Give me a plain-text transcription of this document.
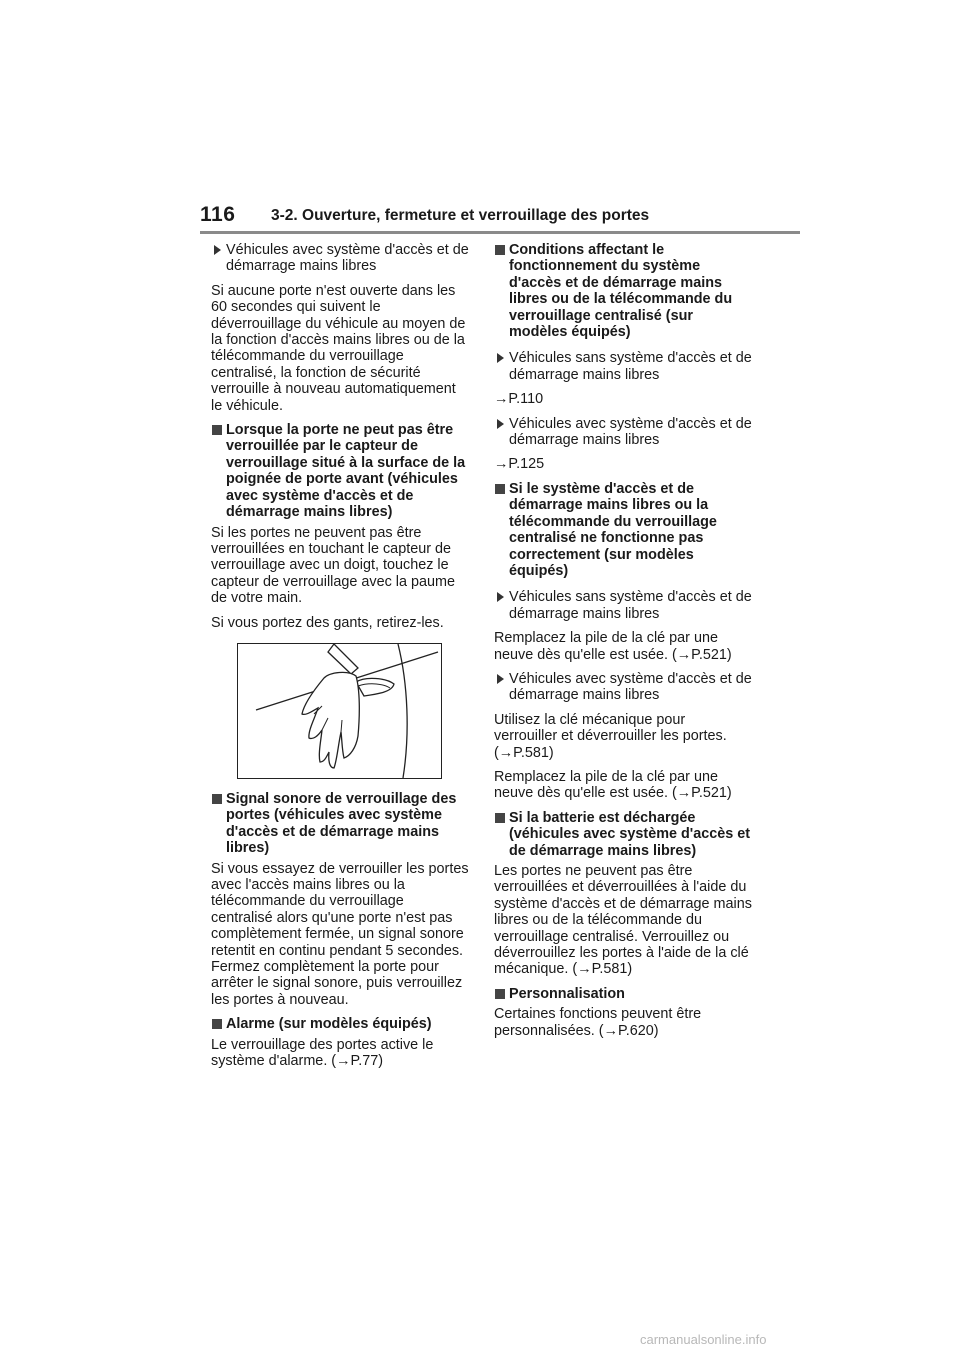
116 3-2. Ouverture, fermeture et verrouillage des portes
Véhicules avec système d'accès et de démarrage mains libres

Si aucune porte n'est ouverte dans les 60 secondes qui suivent le déverrouillage du véhicule au moyen de la fonction d'accès mains libres ou de la télécommande du verrouillage centralisé, la fonction de sécurité verrouille à nouveau automatiquement le véhicule.

Lorsque la porte ne peut pas être verrouillée par le capteur de verrouillage situé à la surface de la poignée de porte avant (véhicules avec système d'accès et de démarrage mains libres)

Si les portes ne peuvent pas être verrouillées en touchant le capteur de verrouillage avec un doigt, touchez le capteur de verrouillage avec la paume de votre main.

Si vous portez des gants, retirez-les.

Signal sonore de verrouillage des portes (véhicules avec système d'accès et de démarrage mains libres)

Si vous essayez de verrouiller les portes avec l'accès mains libres ou la télécommande du verrouillage centralisé alors qu'une porte n'est pas complètement fermée, un signal sonore retentit en continu pendant 5 secondes. Fermez complètement la porte pour arrêter le signal sonore, puis verrouillez les portes à nouveau.

Alarme (sur modèles équipés)

Le verrouillage des portes active le système d'alarme. (→P.77)

Conditions affectant le fonctionnement du système d'accès et de démarrage mains libres ou de la télécommande du verrouillage centralisé (sur modèles équipés)
Véhicules sans système d'accès et de démarrage mains libres

→P.110

Véhicules avec système d'accès et de démarrage mains libres

→P.125

Si le système d'accès et de démarrage mains libres ou la télécommande du verrouillage centralisé ne fonctionne pas correctement (sur modèles équipés)
Véhicules sans système d'accès et de démarrage mains libres

Remplacez la pile de la clé par une neuve dès qu'elle est usée. (→P.521)

Véhicules avec système d'accès et de démarrage mains libres

Utilisez la clé mécanique pour verrouiller et déverrouiller les portes. (→P.581)

Remplacez la pile de la clé par une neuve dès qu'elle est usée. (→P.521)

Si la batterie est déchargée (véhicules avec système d'accès et de démarrage mains libres)

Les portes ne peuvent pas être verrouillées et déverrouillées à l'aide du système d'accès et de démarrage mains libres ou de la télécommande du verrouillage centralisé. Verrouillez ou déverrouillez les portes à l'aide de la clé mécanique. (→P.581)

Personnalisation

Certaines fonctions peuvent être personnalisées. (→P.620)

carmanualsonline.info
